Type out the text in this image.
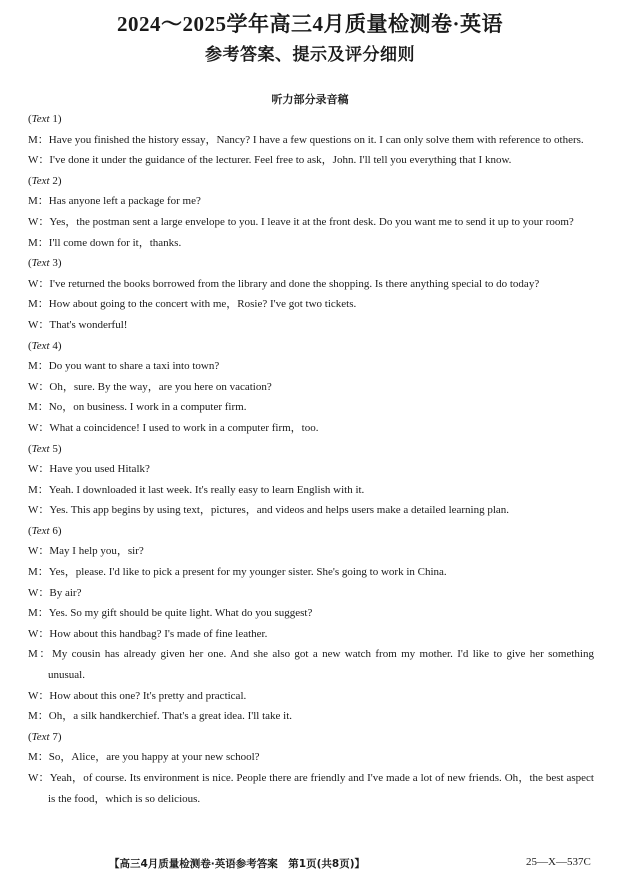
2024～2025学年高三4月质量检测卷·英语
参考答案、提示及评分细则
听力部分录音稿
(Text 1)
M：Have you finished the history essay，Nancy? I have a few questions on it. I can only solve them with reference to others.
W：I've done it under the guidance of the lecturer. Feel free to ask，John. I'll tell you everything that I know.
(Text 2)
M：Has anyone left a package for me?
W：Yes，the postman sent a large envelope to you. I leave it at the front desk. Do you want me to send it up to your room?
M：I'll come down for it，thanks.
(Text 3)
W：I've returned the books borrowed from the library and done the shopping. Is there anything special to do today?
M：How about going to the concert with me，Rosie? I've got two tickets.
W：That's wonderful!
(Text 4)
M：Do you want to share a taxi into town?
W：Oh，sure. By the way，are you here on vacation?
M：No，on business. I work in a computer firm.
W：What a coincidence! I used to work in a computer firm，too.
(Text 5)
W：Have you used Hitalk?
M：Yeah. I downloaded it last week. It's really easy to learn English with it.
W：Yes. This app begins by using text，pictures，and videos and helps users make a detailed learning plan.
(Text 6)
W：May I help you，sir?
M：Yes，please. I'd like to pick a present for my younger sister. She's going to work in China.
W：By air?
M：Yes. So my gift should be quite light. What do you suggest?
W：How about this handbag? I's made of fine leather.
M：My cousin has already given her one. And she also got a new watch from my mother. I'd like to give her something unusual.
W：How about this one? It's pretty and practical.
M：Oh，a silk handkerchief. That's a great idea. I'll take it.
(Text 7)
M：So，Alice，are you happy at your new school?
W：Yeah，of course. Its environment is nice. People there are friendly and I've made a lot of new friends. Oh，the best aspect is the food，which is so delicious.
【高三4月质量检测卷·英语参考答案　第1页(共8页)】	25—X—537C
